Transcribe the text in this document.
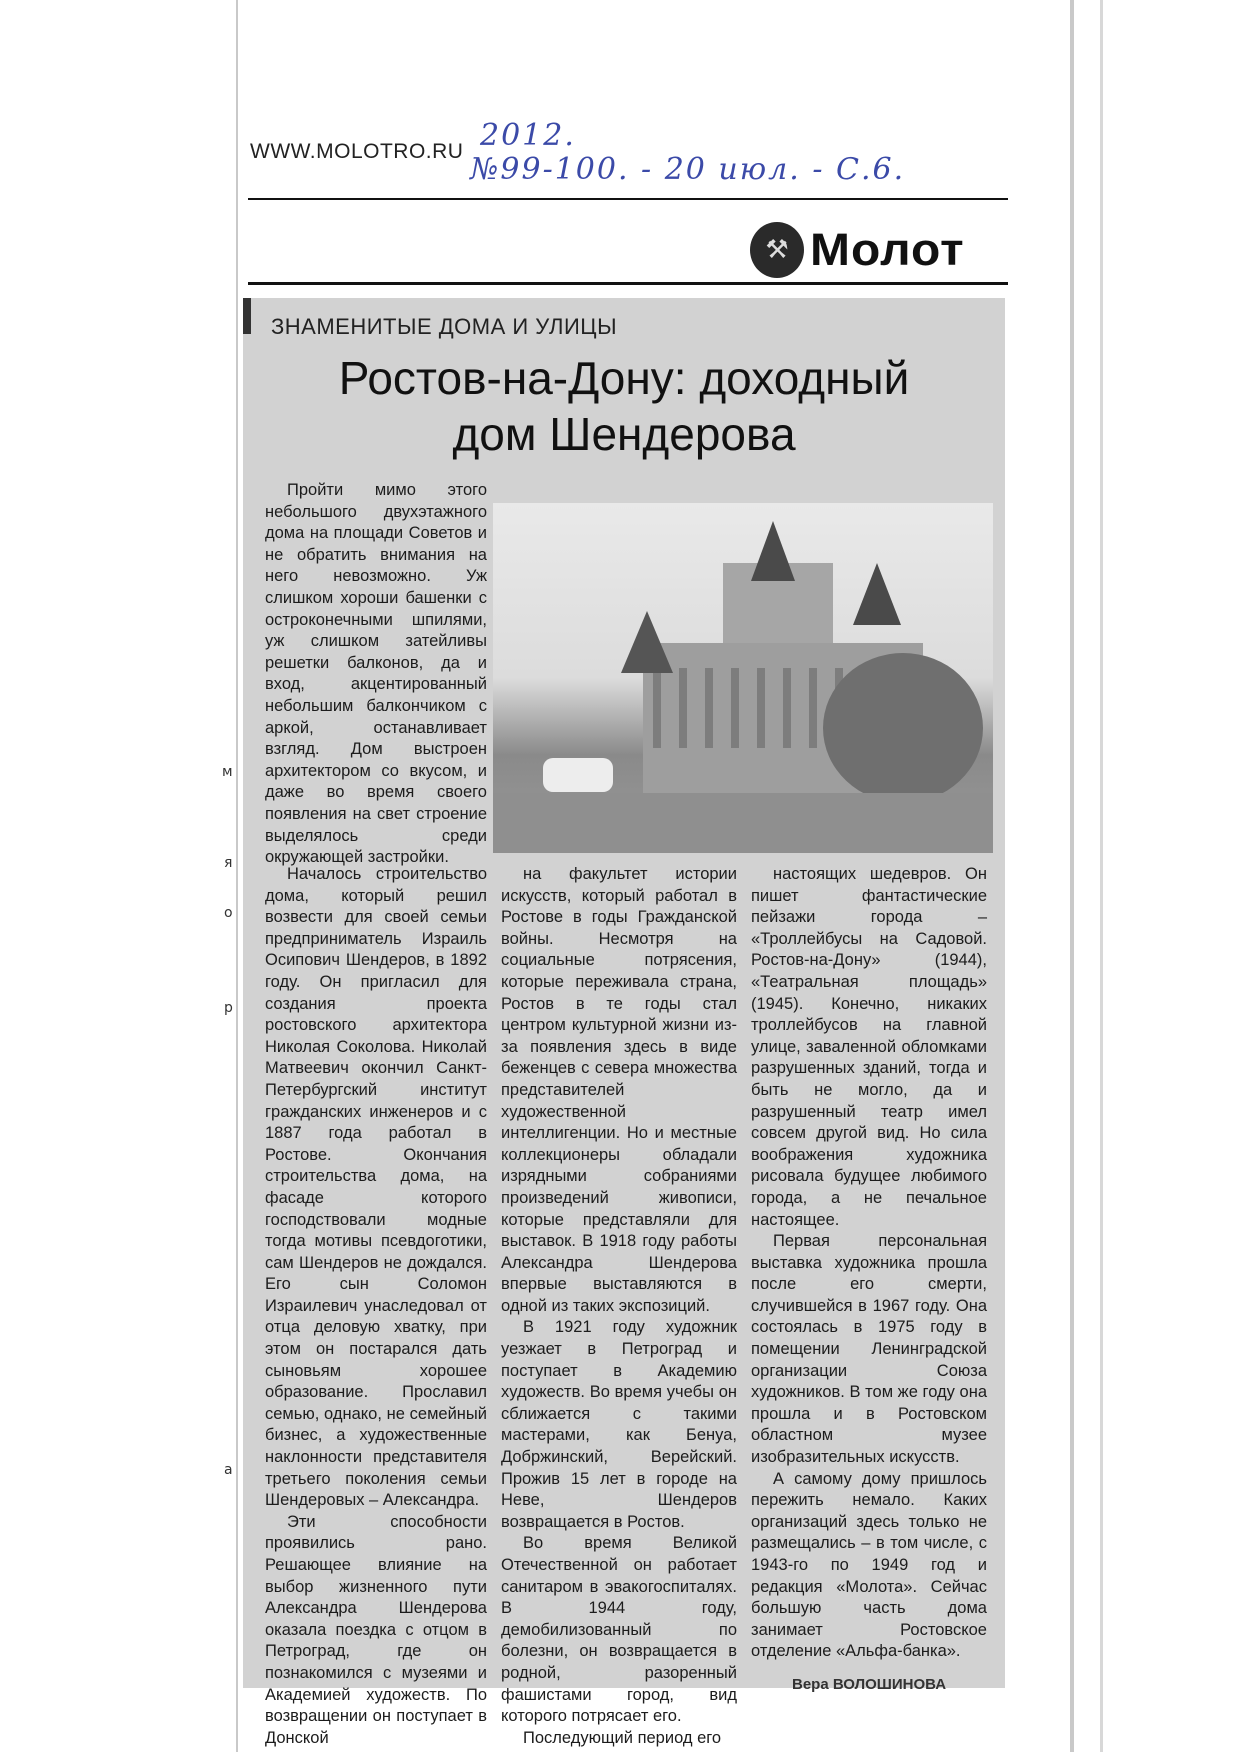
WWW.MOLOTRO.RU 2012.
№99-100. - 20 июл. - С.6.
⚒ Молот
ЗНАМЕНИТЫЕ ДОМА И УЛИЦЫ
Ростов-на-Дону: доходный
дом Шендерова

Пройти мимо этого небольшого двухэтажного дома на площади Советов и не обратить внимания на него невозможно. Уж слишком хороши башенки с остроконечными шпилями, уж слишком затейливы решетки балконов, да и вход, акцентированный небольшим балкончиком с аркой, останавливает взгляд. Дом выстроен архитектором со вкусом, и даже во время своего появления на свет строение выделялось среди окружающей застройки.

Началось строительство дома, который решил возвести для своей семьи предприниматель Израиль Осипович Шендеров, в 1892 году. Он пригласил для создания проекта ростовского архитектора Николая Соколова. Николай Матвеевич окончил Санкт-Петербургский институт гражданских инженеров и с 1887 года работал в Ростове. Окончания строительства дома, на фасаде которого господствовали модные тогда мотивы псевдоготики, сам Шендеров не дождался. Его сын Соломон Израилевич унаследовал от отца деловую хватку, при этом он постарался дать сыновьям хорошее образование. Прославил семью, однако, не семейный бизнес, а художественные наклонности представителя третьего поколения семьи Шендеровых – Александра.

Эти способности проявились рано. Решающее влияние на выбор жизненного пути Александра Шендерова оказала поездка с отцом в Петроград, где он познакомился с музеями и Академией художеств. По возвращении он поступает в Донской

на факультет истории искусств, который работал в Ростове в годы Гражданской войны. Несмотря на социальные потрясения, которые переживала страна, Ростов в те годы стал центром культурной жизни из-за появления здесь в виде беженцев с севера множества представителей художественной интеллигенции. Но и местные коллекционеры обладали изрядными собраниями произведений живописи, которые представляли для выставок. В 1918 году работы Александра Шендерова впервые выставляются в одной из таких экспозиций.

В 1921 году художник уезжает в Петроград и поступает в Академию художеств. Во время учебы он сближается с такими мастерами, как Бенуа, Добржинский, Верейский. Прожив 15 лет в городе на Неве, Шендеров возвращается в Ростов.

Во время Великой Отечественной он работает санитаром в эвакогоспиталях. В 1944 году, демобилизованный по болезни, он возвращается в родной, разоренный фашистами город, вид которого потрясает его.

Последующий период его

настоящих шедевров. Он пишет фантастические пейзажи города – «Троллейбусы на Садовой. Ростов-на-Дону» (1944), «Театральная площадь» (1945). Конечно, никаких троллейбусов на главной улице, заваленной обломками разрушенных зданий, тогда и быть не могло, да и разрушенный театр имел совсем другой вид. Но сила воображения художника рисовала будущее любимого города, а не печальное настоящее.

Первая персональная выставка художника прошла после его смерти, случившейся в 1967 году. Она состоялась в 1975 году в помещении Ленинградской организации Союза художников. В том же году она прошла и в Ростовском областном музее изобразительных искусств.

А самому дому пришлось пережить немало. Каких организаций здесь только не размещались – в том числе, с 1943-го по 1949 год и редакция «Молота». Сейчас большую часть дома занимает Ростовское отделение «Альфа-банка».

Вера ВОЛОШИНОВА
м
я
о
р
а
